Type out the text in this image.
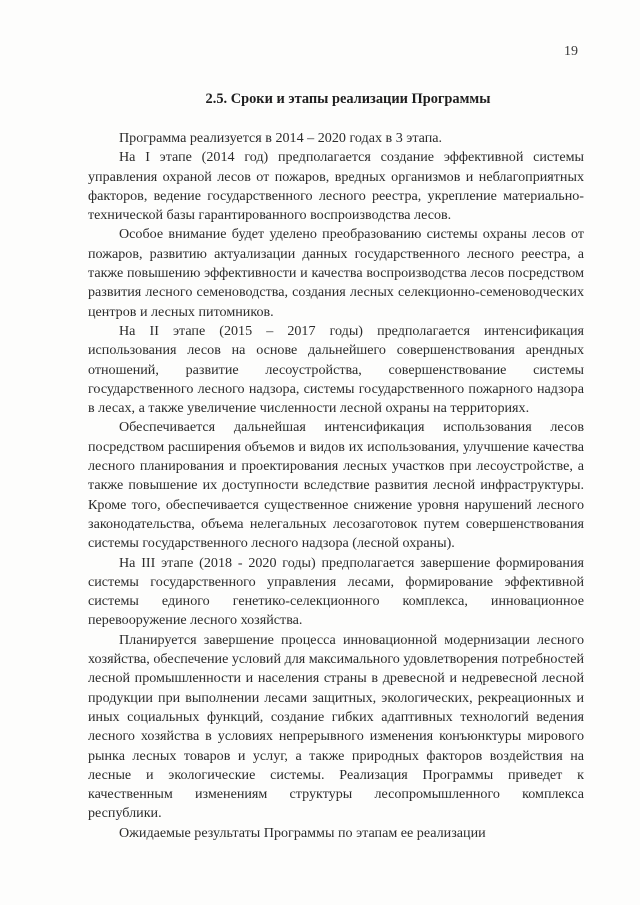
19
2.5. Сроки и этапы реализации Программы

Программа реализуется в 2014 – 2020 годах в 3 этапа.

На I этапе (2014 год) предполагается создание эффективной системы управления охраной лесов от пожаров, вредных организмов и неблагоприятных факторов, ведение государственного лесного реестра, укрепление материально-технической базы гарантированного воспроизводства лесов.

Особое внимание будет уделено преобразованию системы охраны лесов от пожаров, развитию актуализации данных государственного лесного реестра, а также повышению эффективности и качества воспроизводства лесов посредством развития лесного семеноводства, создания лесных селекционно-семеноводческих центров и лесных питомников.

На II этапе (2015 – 2017 годы) предполагается интенсификация использования лесов на основе дальнейшего совершенствования арендных отношений, развитие лесоустройства, совершенствование системы государственного лесного надзора, системы государственного пожарного надзора в лесах, а также увеличение численности лесной охраны на территориях.

Обеспечивается дальнейшая интенсификация использования лесов посредством расширения объемов и видов их использования, улучшение качества лесного планирования и проектирования лесных участков при лесоустройстве, а также повышение их доступности вследствие развития лесной инфраструктуры. Кроме того, обеспечивается существенное снижение уровня нарушений лесного законодательства, объема нелегальных лесозаготовок путем совершенствования системы государственного лесного надзора (лесной охраны).

На III этапе (2018 - 2020 годы) предполагается завершение формирования системы государственного управления лесами, формирование эффективной системы единого генетико-селекционного комплекса, инновационное перевооружение лесного хозяйства.

Планируется завершение процесса инновационной модернизации лесного хозяйства, обеспечение условий для максимального удовлетворения потребностей лесной промышленности и населения страны в древесной и недревесной лесной продукции при выполнении лесами защитных, экологических, рекреационных и иных социальных функций, создание гибких адаптивных технологий ведения лесного хозяйства в условиях непрерывного изменения конъюнктуры мирового рынка лесных товаров и услуг, а также природных факторов воздействия на лесные и экологические системы. Реализация Программы приведет к качественным изменениям структуры лесопромышленного комплекса республики.

Ожидаемые результаты Программы по этапам ее реализации
